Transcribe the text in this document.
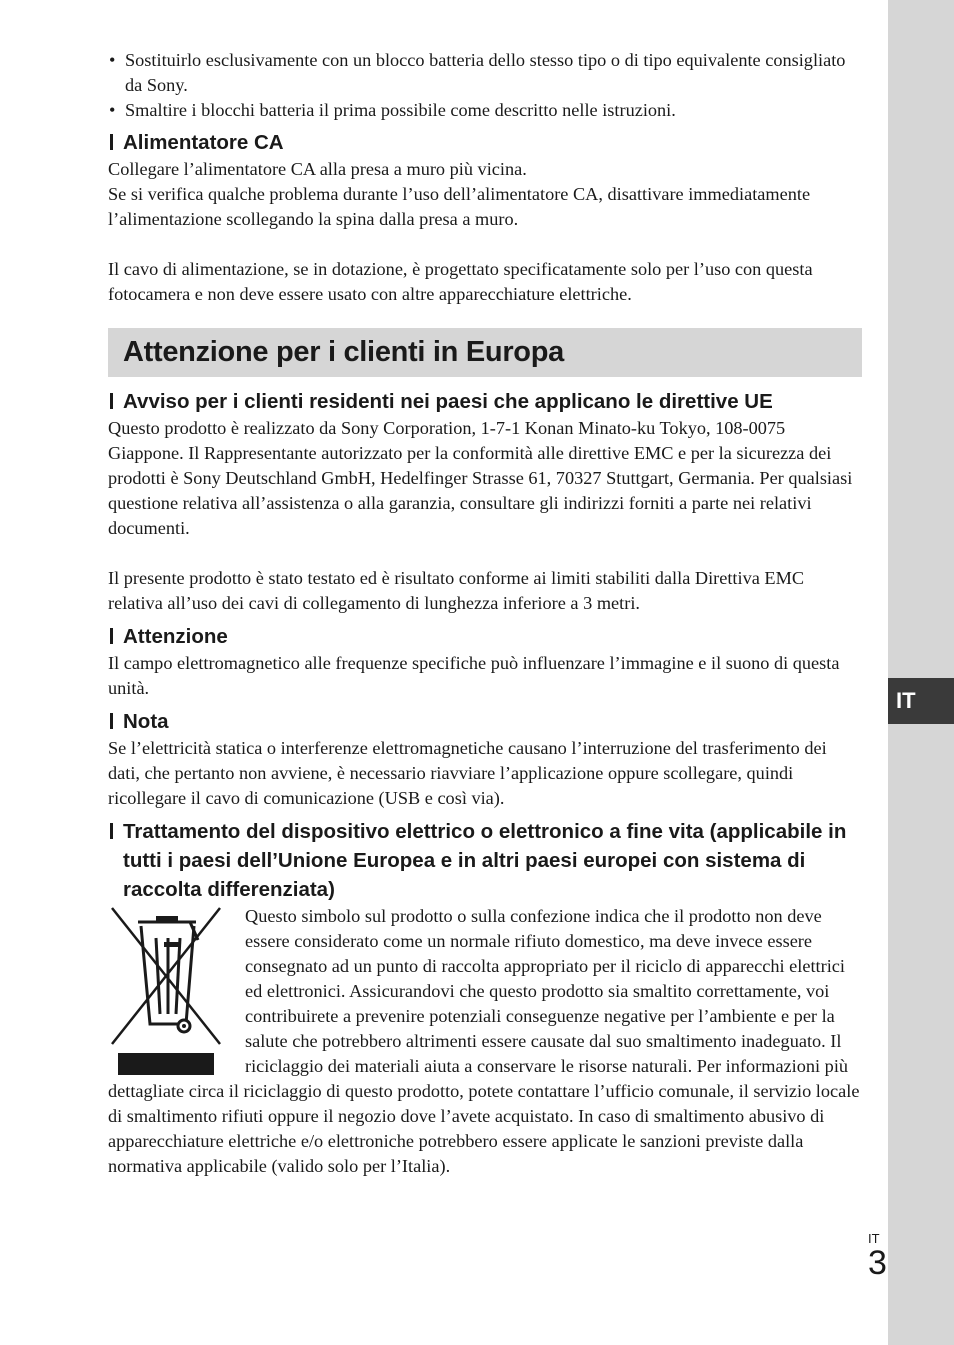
IT
• Sostituirlo esclusivamente con un blocco batteria dello stesso tipo o di tipo equivalente consigliato da Sony.
• Smaltire i blocchi batteria il prima possibile come descritto nelle istruzioni.
Alimentatore CA

Collegare l’alimentatore CA alla presa a muro più vicina.

Se si verifica qualche problema durante l’uso dell’alimentatore CA, disattivare immediatamente l’alimentazione scollegando la spina dalla presa a muro.

Il cavo di alimentazione, se in dotazione, è progettato specificatamente solo per l’uso con questa fotocamera e non deve essere usato con altre apparecchiature elettriche.

Attenzione per i clienti in Europa
Avviso per i clienti residenti nei paesi che applicano le direttive UE

Questo prodotto è realizzato da Sony Corporation, 1-7-1 Konan Minato-ku Tokyo, 108-0075 Giappone. Il Rappresentante autorizzato per la conformità alle direttive EMC e per la sicurezza dei prodotti è Sony Deutschland GmbH, Hedelfinger Strasse 61, 70327 Stuttgart, Germania. Per qualsiasi questione relativa all’assistenza o alla garanzia, consultare gli indirizzi forniti a parte nei relativi documenti.

Il presente prodotto è stato testato ed è risultato conforme ai limiti stabiliti dalla Direttiva EMC relativa all’uso dei cavi di collegamento di lunghezza inferiore a 3 metri.

Attenzione

Il campo elettromagnetico alle frequenze specifiche può influenzare l’immagine e il suono di questa unità.

Nota

Se l’elettricità statica o interferenze elettromagnetiche causano l’interruzione del trasferimento dei dati, che pertanto non avviene, è necessario riavviare l’applicazione oppure scollegare, quindi ricollegare il cavo di comunicazione (USB e così via).

Trattamento del dispositivo elettrico o elettronico a fine vita (applicabile in tutti i paesi dell’Unione Europea e in altri paesi europei con sistema di raccolta differenziata)

Questo simbolo sul prodotto o sulla confezione indica che il prodotto non deve essere considerato come un normale rifiuto domestico, ma deve invece essere consegnato ad un punto di raccolta appropriato per il riciclo di apparecchi elettrici ed elettronici. Assicurandovi che questo prodotto sia smaltito correttamente, voi contribuirete a prevenire potenziali conseguenze negative per l’ambiente e per la salute che potrebbero altrimenti essere causate dal suo smaltimento inadeguato. Il riciclaggio dei materiali aiuta a conservare le risorse naturali. Per informazioni più

dettagliate circa il riciclaggio di questo prodotto, potete contattare l’ufficio comunale, il servizio locale di smaltimento rifiuti oppure il negozio dove l’avete acquistato. In caso di smaltimento abusivo di apparecchiature elettriche e/o elettroniche potrebbero essere applicate le sanzioni previste dalla normativa applicabile (valido solo per l’Italia).

IT
3
